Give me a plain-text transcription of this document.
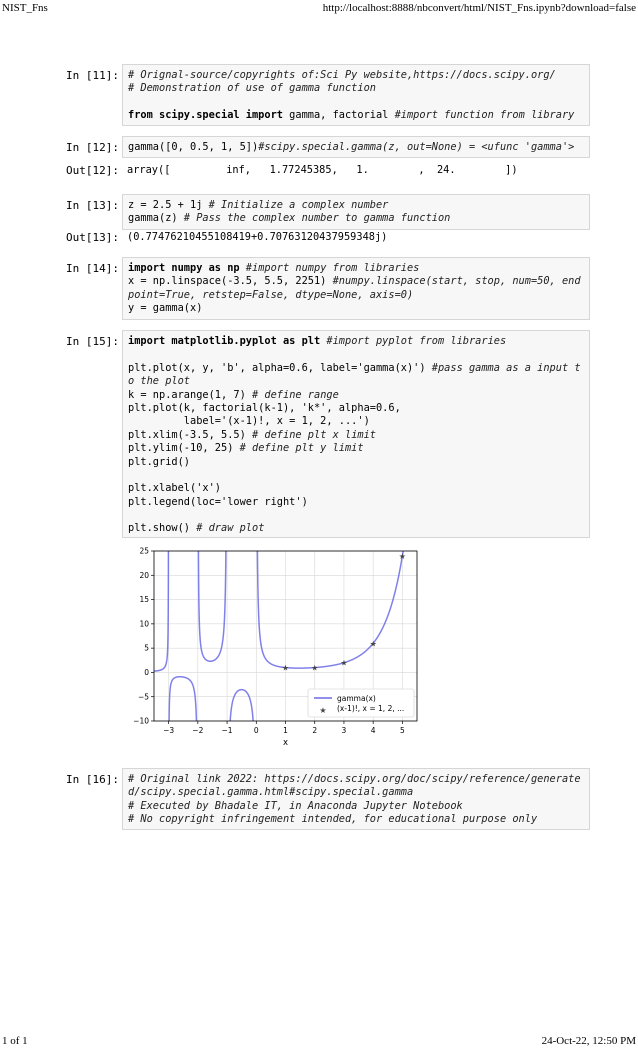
NIST_Fns	http://localhost:8888/nbconvert/html/NIST_Fns.ipynb?download=false
In [11]: # Orignal-source/copyrights of:Sci Py website,https://docs.scipy.org/
# Demonstration of use of gamma function
from scipy.special import gamma, factorial #import function from library
In [12]: gamma([0, 0.5, 1, 5])#scipy.special.gamma(z, out=None) = <ufunc 'gamma'>
Out[12]: array([         inf,   1.77245385,   1.        ,  24.        ])
In [13]: z = 2.5 + 1j # Initialize a complex number
gamma(z) # Pass the complex number to gamma function
Out[13]: (0.77476210455108419+0.70763120437959348j)
In [14]: import numpy as np #import numpy from libraries
x = np.linspace(-3.5, 5.5, 2251) #numpy.linspace(start, stop, num=50, end
point=True, retstep=False, dtype=None, axis=0)
y = gamma(x)
In [15]: import matplotlib.pyplot as plt #import pyplot from libraries
plt.plot(x, y, 'b', alpha=0.6, label='gamma(x)') #pass gamma as a input t
o the plot
k = np.arange(1, 7) # define range
plt.plot(k, factorial(k-1), 'k*', alpha=0.6,
label='(x-1)!, x = 1, 2, ...')
plt.xlim(-3.5, 5.5) # define plt x limit
plt.ylim(-10, 25) # define plt y limit
plt.grid()
plt.xlabel('x')
plt.legend(loc='lower right')
plt.show() # draw plot
★	★
★
★
★
−3 −2 −1	0	1	2	3	4	5
25
20
15
10
5
0
−5
−10
x
gamma(x)
★ (x-1)!, x = 1, 2, ...
In [16]: # Original link 2022: https://docs.scipy.org/doc/scipy/reference/generate
d/scipy.special.gamma.html#scipy.special.gamma
# Executed by Bhadale IT, in Anaconda Jupyter Notebook
# No copyright infringement intended, for educational purpose only
1 of 1	24-Oct-22, 12:50 PM
